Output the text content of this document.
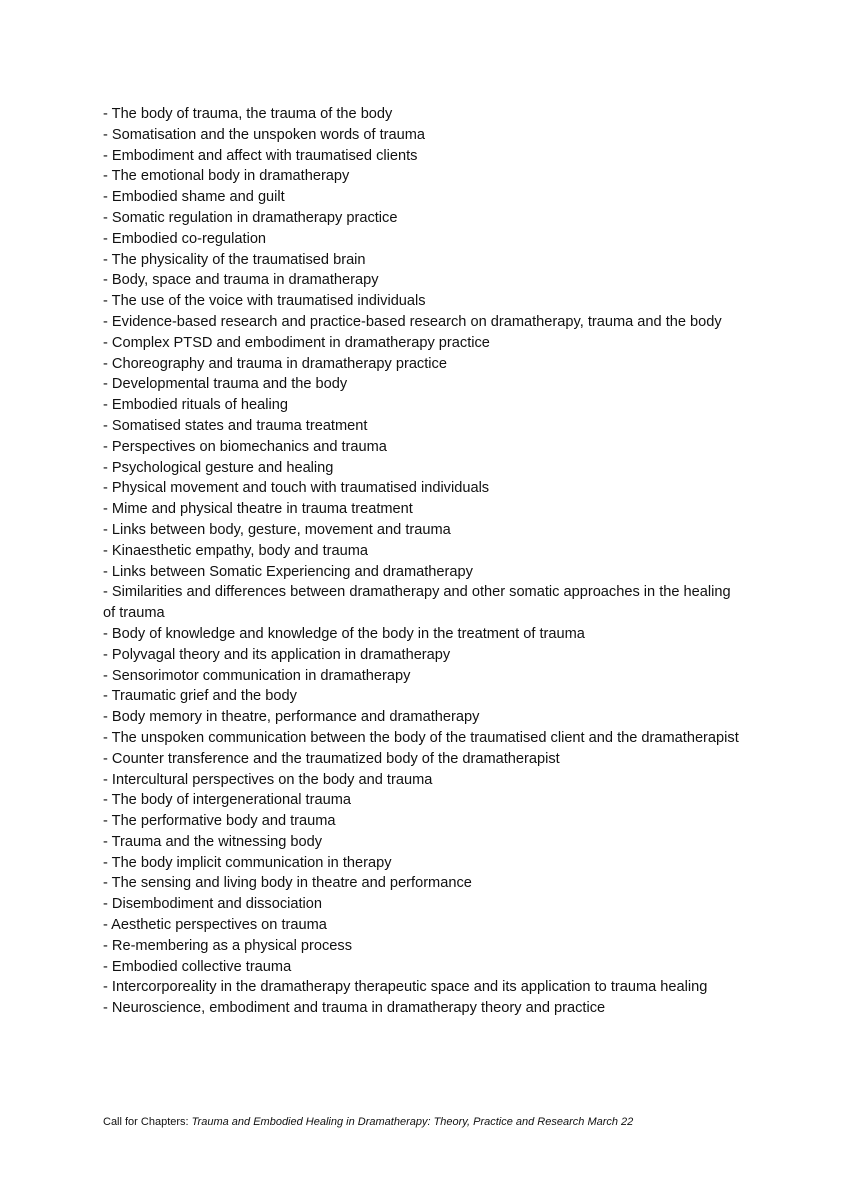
- The body of trauma, the trauma of the body
- Somatisation and the unspoken words of trauma
- Embodiment and affect with traumatised clients
- The emotional body in dramatherapy
- Embodied shame and guilt
- Somatic regulation in dramatherapy practice
- Embodied co-regulation
- The physicality of the traumatised brain
- Body, space and trauma in dramatherapy
- The use of the voice with traumatised individuals
- Evidence-based research and practice-based research on dramatherapy, trauma and the body
- Complex PTSD and embodiment in dramatherapy practice
- Choreography and trauma in dramatherapy practice
- Developmental trauma and the body
- Embodied rituals of healing
- Somatised states and trauma treatment
- Perspectives on biomechanics and trauma
- Psychological gesture and healing
- Physical movement and touch with traumatised individuals
- Mime and physical theatre in trauma treatment
- Links between body, gesture, movement and trauma
- Kinaesthetic empathy, body and trauma
- Links between Somatic Experiencing and dramatherapy
- Similarities and differences between dramatherapy and other somatic approaches in the healing of trauma
- Body of knowledge and knowledge of the body in the treatment of trauma
- Polyvagal theory and its application in dramatherapy
- Sensorimotor communication in dramatherapy
- Traumatic grief and the body
- Body memory in theatre, performance and dramatherapy
- The unspoken communication between the body of the traumatised client and the dramatherapist
- Counter transference and the traumatized body of the dramatherapist
- Intercultural perspectives on the body and trauma
- The body of intergenerational trauma
- The performative body and trauma
- Trauma and the witnessing body
- The body implicit communication in therapy
- The sensing and living body in theatre and performance
- Disembodiment and dissociation
- Aesthetic perspectives on trauma
- Re-membering as a physical process
- Embodied collective trauma
- Intercorporeality in the dramatherapy therapeutic space and its application to trauma healing
- Neuroscience, embodiment and trauma in dramatherapy theory and practice
Call for Chapters: Trauma and Embodied Healing in Dramatherapy: Theory, Practice and Research March 22
